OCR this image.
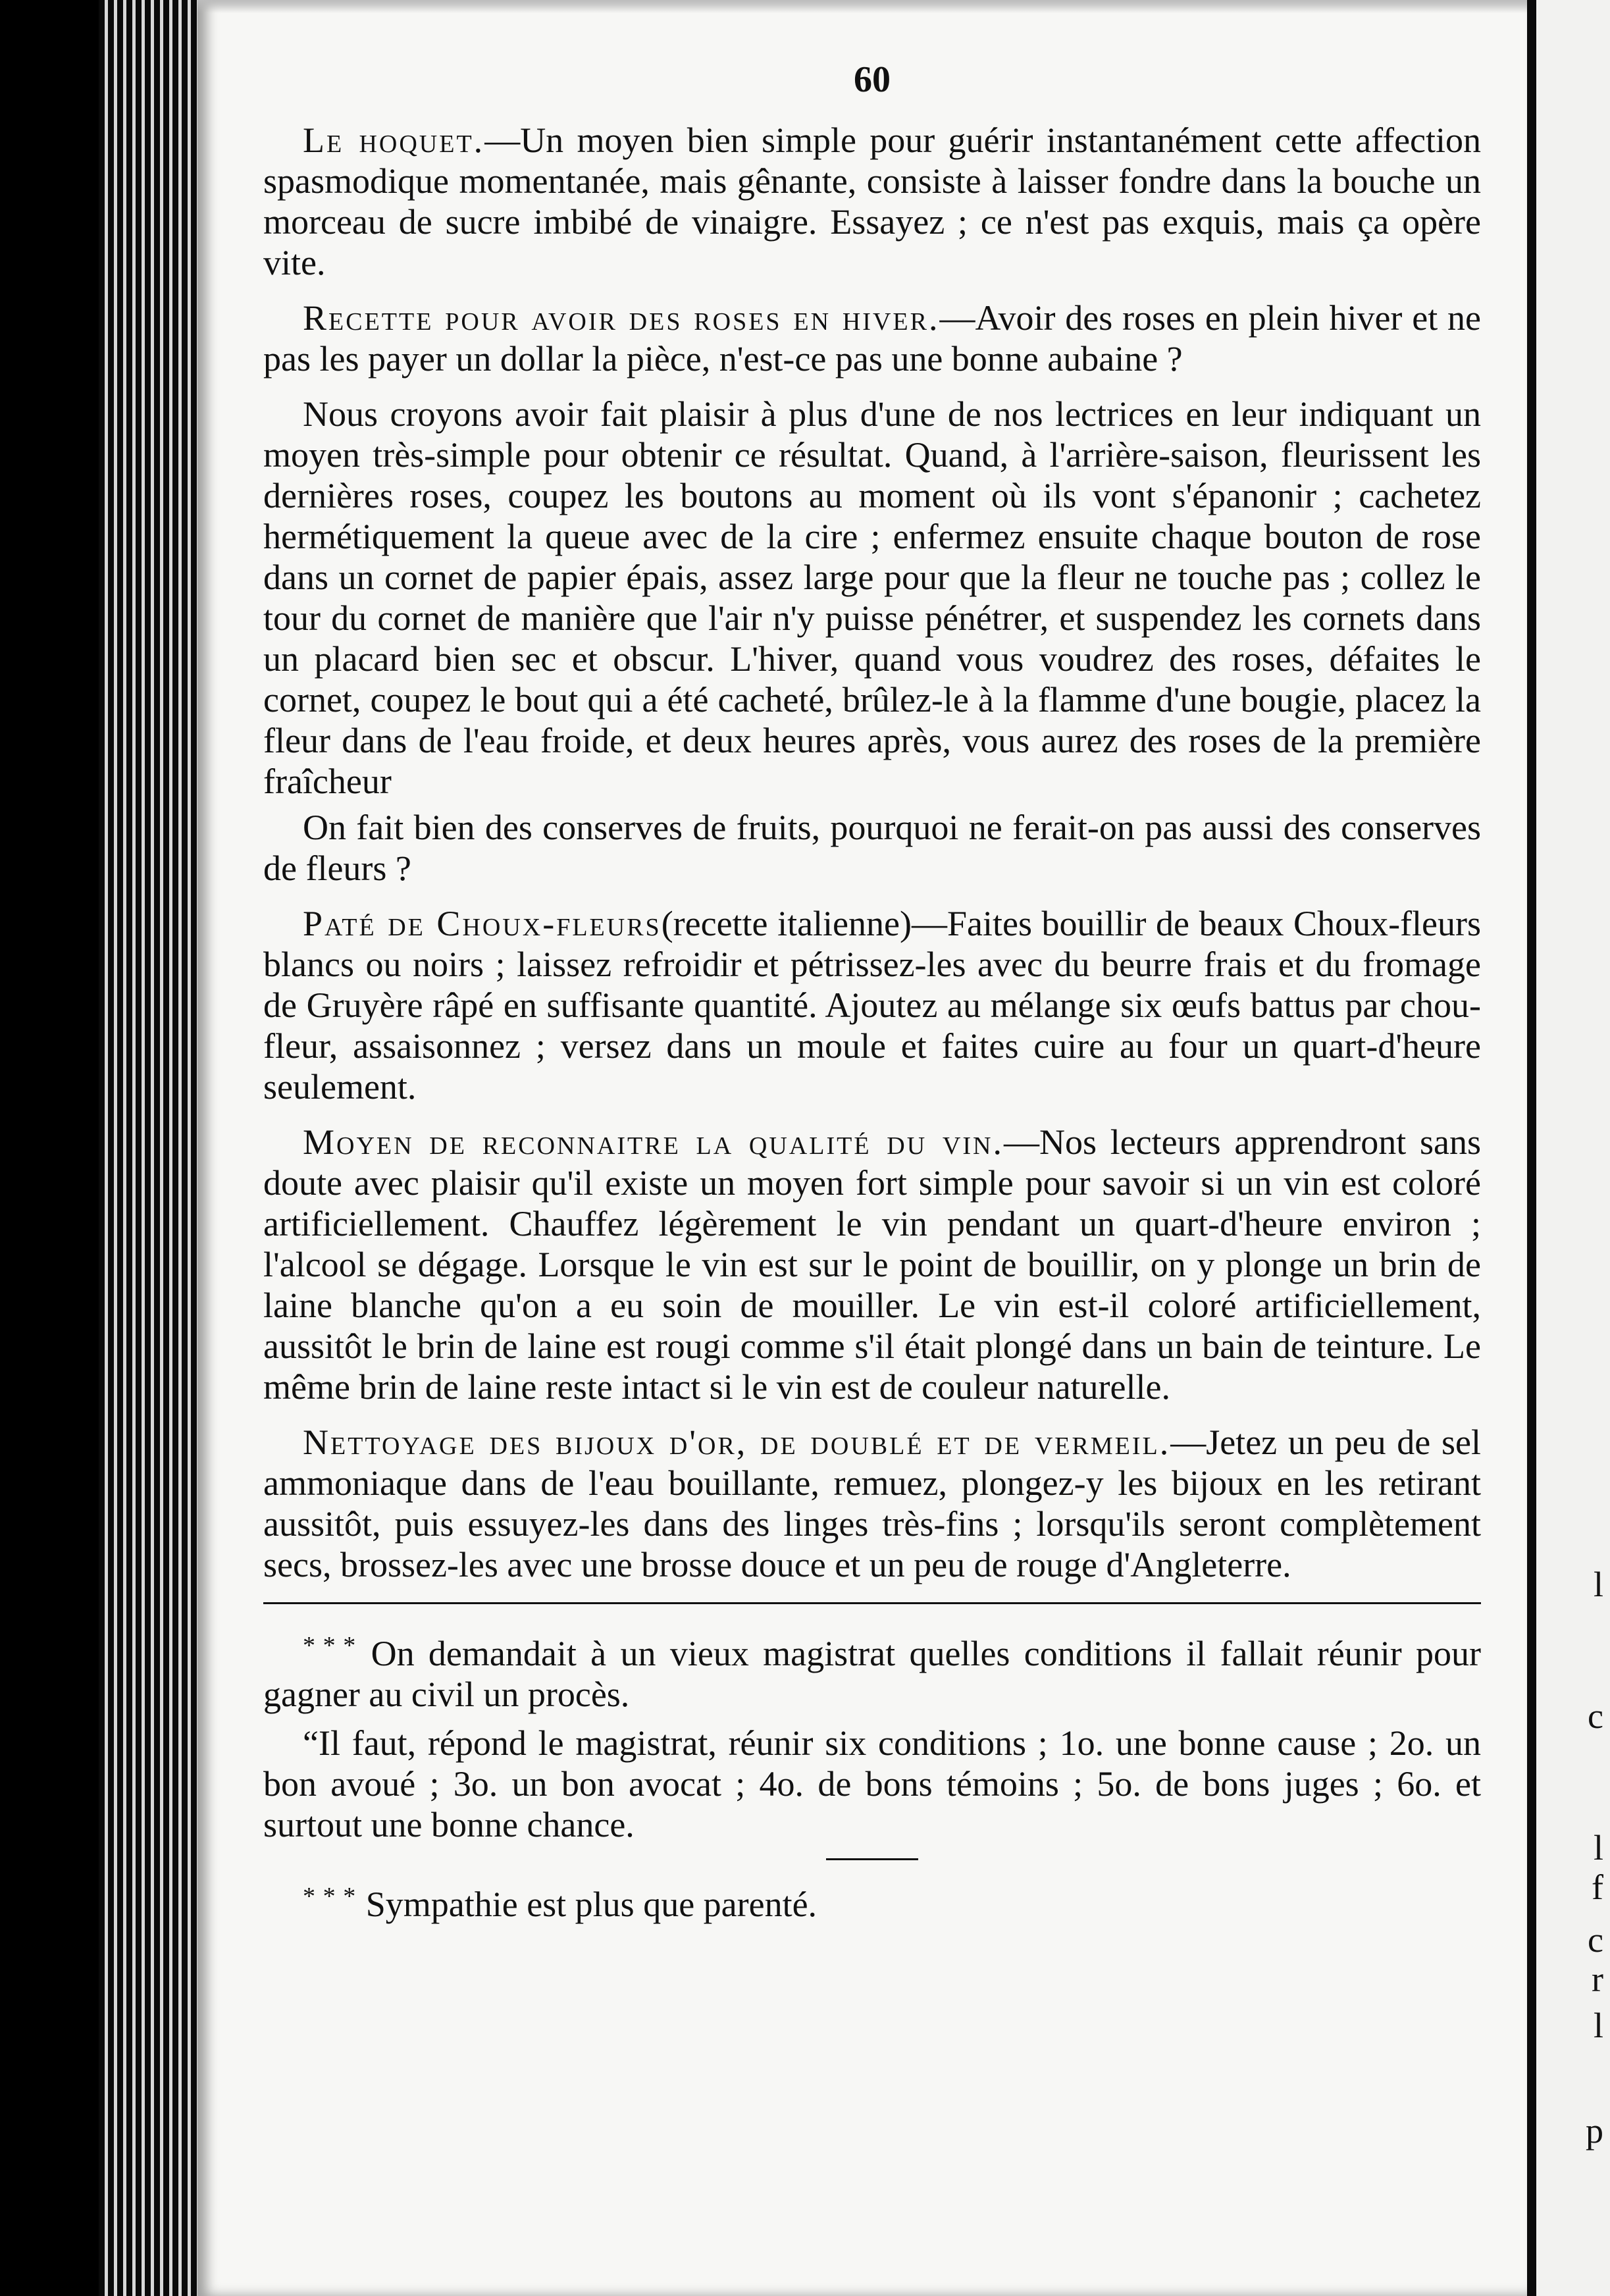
60

Le hoquet.—Un moyen bien simple pour guérir instantanément cette affection spasmodique momentanée, mais gênante, consiste à laisser fondre dans la bouche un morceau de sucre imbibé de vinaigre. Essayez ; ce n'est pas exquis, mais ça opère vite.

Recette pour avoir des roses en hiver.—Avoir des roses en plein hiver et ne pas les payer un dollar la pièce, n'est-ce pas une bonne aubaine ?

Nous croyons avoir fait plaisir à plus d'une de nos lectrices en leur indiquant un moyen très-simple pour obtenir ce résultat. Quand, à l'arrière-saison, fleurissent les dernières roses, coupez les boutons au moment où ils vont s'épanonir ; cachetez hermétiquement la queue avec de la cire ; enfermez ensuite chaque bouton de rose dans un cornet de papier épais, assez large pour que la fleur ne touche pas ; collez le tour du cornet de manière que l'air n'y puisse pénétrer, et suspendez les cornets dans un placard bien sec et obscur. L'hiver, quand vous voudrez des roses, défaites le cornet, coupez le bout qui a été cacheté, brûlez-le à la flamme d'une bougie, placez la fleur dans de l'eau froide, et deux heures après, vous aurez des roses de la première fraîcheur

On fait bien des conserves de fruits, pourquoi ne ferait-on pas aussi des conserves de fleurs ?

Paté de Choux-fleurs(recette italienne)—Faites bouillir de beaux Choux-fleurs blancs ou noirs ; laissez refroidir et pétrissez-les avec du beurre frais et du fromage de Gruyère râpé en suffisante quantité. Ajoutez au mélange six œufs battus par chou-fleur, assaisonnez ; versez dans un moule et faites cuire au four un quart-d'heure seulement.

Moyen de reconnaitre la qualité du vin.—Nos lecteurs apprendront sans doute avec plaisir qu'il existe un moyen fort simple pour savoir si un vin est coloré artificiellement. Chauffez légèrement le vin pendant un quart-d'heure environ ; l'alcool se dégage. Lorsque le vin est sur le point de bouillir, on y plonge un brin de laine blanche qu'on a eu soin de mouiller. Le vin est-il coloré artificiellement, aussitôt le brin de laine est rougi comme s'il était plongé dans un bain de teinture. Le même brin de laine reste intact si le vin est de couleur naturelle.

Nettoyage des bijoux d'or, de doublé et de vermeil.—Jetez un peu de sel ammoniaque dans de l'eau bouillante, remuez, plongez-y les bijoux en les retirant aussitôt, puis essuyez-les dans des linges très-fins ; lorsqu'ils seront complètement secs, brossez-les avec une brosse douce et un peu de rouge d'Angleterre.

* * * On demandait à un vieux magistrat quelles conditions il fallait réunir pour gagner au civil un procès.

“Il faut, répond le magistrat, réunir six conditions ; 1o. une bonne cause ; 2o. un bon avoué ; 3o. un bon avocat ; 4o. de bons témoins ; 5o. de bons juges ; 6o. et surtout une bonne chance.

* * * Sympathie est plus que parenté.

l
c
l
f
c
r
l
p
